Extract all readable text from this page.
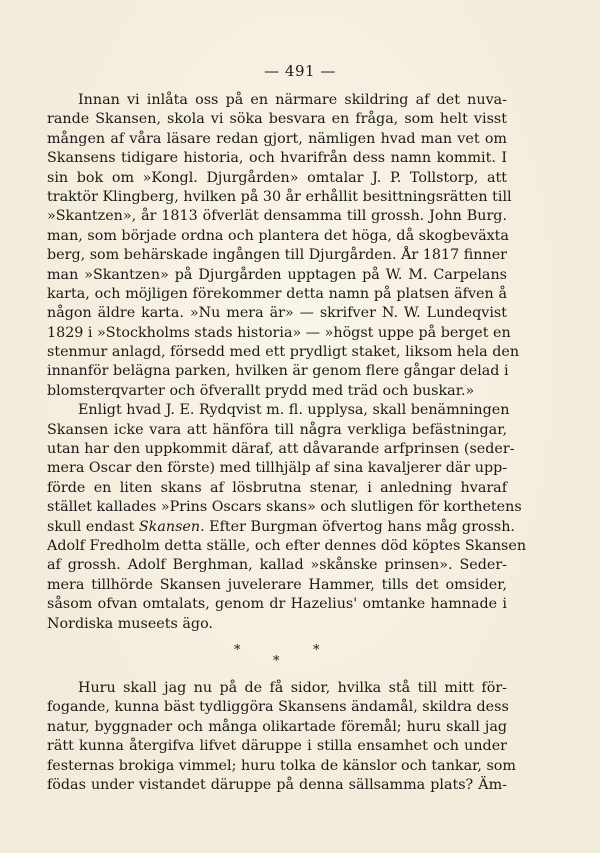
— 491 —
Innan vi inlåta oss på en närmare skildring af det nuva-
rande Skansen, skola vi söka besvara en fråga, som helt visst
mången af våra läsare redan gjort, nämligen hvad man vet om
Skansens tidigare historia, och hvarifrån dess namn kommit. I
sin bok om »Kongl. Djurgården» omtalar J. P. Tollstorp, att
traktör Klingberg, hvilken på 30 år erhållit besittningsrätten till
»Skantzen», år 1813 öfverlät densamma till grossh. John Burg.
man, som började ordna och plantera det höga, då skogbeväxta
berg, som behärskade ingången till Djurgården. År 1817 finner
man »Skantzen» på Djurgården upptagen på W. M. Carpelans
karta, och möjligen förekommer detta namn på platsen äfven å
någon äldre karta. »Nu mera är» — skrifver N. W. Lundeqvist
1829 i »Stockholms stads historia» — »högst uppe på berget en
stenmur anlagd, försedd med ett prydligt staket, liksom hela den
innanför belägna parken, hvilken är genom flere gångar delad i
blomsterqvarter och öfverallt prydd med träd och buskar.»
Enligt hvad J. E. Rydqvist m. fl. upplysa, skall benämningen
Skansen icke vara att hänföra till några verkliga befästningar,
utan har den uppkommit däraf, att dåvarande arfprinsen (seder-
mera Oscar den förste) med tillhjälp af sina kavaljerer där upp-
förde en liten skans af lösbrutna stenar, i anledning hvaraf
stället kallades »Prins Oscars skans» och slutligen för korthetens
skull endast Skansen. Efter Burgman öfvertog hans måg grossh.
Adolf Fredholm detta ställe, och efter dennes död köptes Skansen
af grossh. Adolf Berghman, kallad »skånske prinsen». Seder-
mera tillhörde Skansen juvelerare Hammer, tills det omsider,
såsom ofvan omtalats, genom dr Hazelius' omtanke hamnade i
Nordiska museets ägo.
*	*
*
Huru skall jag nu på de få sidor, hvilka stå till mitt för-
fogande, kunna bäst tydliggöra Skansens ändamål, skildra dess
natur, byggnader och många olikartade föremål; huru skall jag
rätt kunna återgifva lifvet däruppe i stilla ensamhet och under
festernas brokiga vimmel; huru tolka de känslor och tankar, som
födas under vistandet däruppe på denna sällsamma plats? Äm-
